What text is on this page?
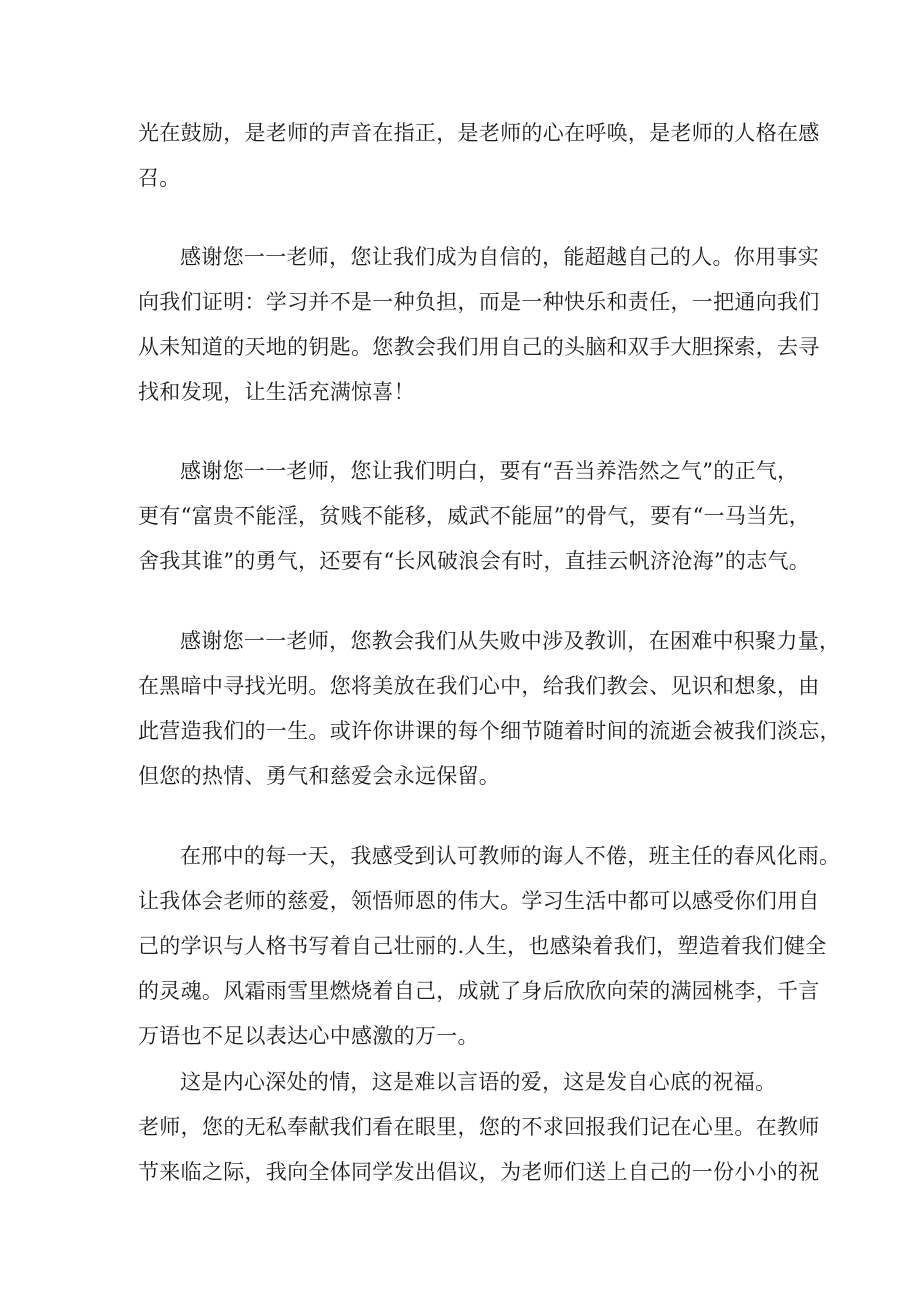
光在鼓励，是老师的声音在指正，是老师的心在呼唤，是老师的人格在感
召。
感谢您一一老师，您让我们成为自信的，能超越自己的人。你用事实
向我们证明：学习并不是一种负担，而是一种快乐和责任，一把通向我们
从未知道的天地的钥匙。您教会我们用自己的头脑和双手大胆探索，去寻
找和发现，让生活充满惊喜！
感谢您一一老师，您让我们明白，要有“吾当养浩然之气”的正气，
更有“富贵不能淫，贫贱不能移，威武不能屈”的骨气，要有“一马当先，
舍我其谁”的勇气，还要有“长风破浪会有时，直挂云帆济沧海”的志气。
感谢您一一老师，您教会我们从失败中涉及教训，在困难中积聚力量，
在黑暗中寻找光明。您将美放在我们心中，给我们教会、见识和想象，由
此营造我们的一生。或许你讲课的每个细节随着时间的流逝会被我们淡忘，
但您的热情、勇气和慈爱会永远保留。
在邢中的每一天，我感受到认可教师的诲人不倦，班主任的春风化雨。
让我体会老师的慈爱，领悟师恩的伟大。学习生活中都可以感受你们用自
己的学识与人格书写着自己壮丽的.人生，也感染着我们，塑造着我们健全
的灵魂。风霜雨雪里燃烧着自己，成就了身后欣欣向荣的满园桃李，千言
万语也不足以表达心中感激的万一。
这是内心深处的情，这是难以言语的爱，这是发自心底的祝福。
老师，您的无私奉献我们看在眼里，您的不求回报我们记在心里。在教师
节来临之际，我向全体同学发出倡议，为老师们送上自己的一份小小的祝
